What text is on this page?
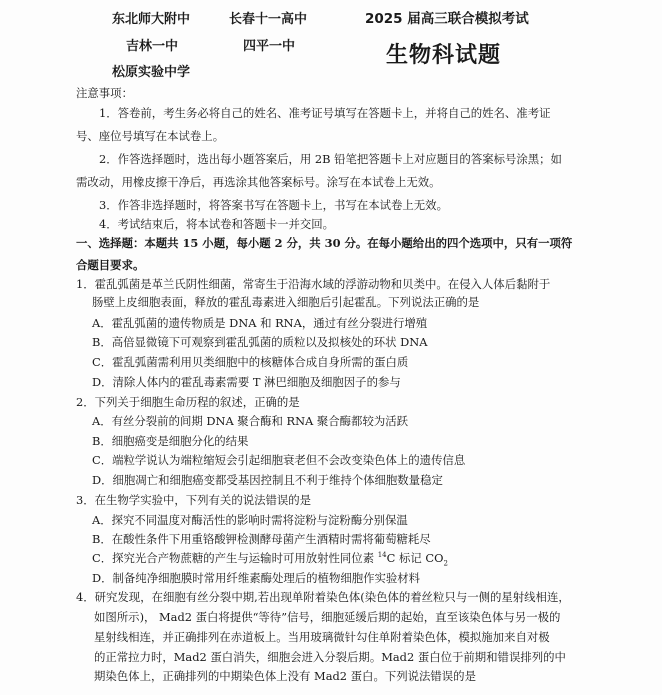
东北师大附中	长春十一高中
吉林一中	四平一中
松原实验中学
2025 届高三联合模拟考试
生物科试题
注意事项：
1．答卷前，考生务必将自己的姓名、准考证号填写在答题卡上，并将自己的姓名、准考证
号、座位号填写在本试卷上。
2．作答选择题时，选出每小题答案后，用 2B 铅笔把答题卡上对应题目的答案标号涂黑；如
需改动，用橡皮擦干净后，再选涂其他答案标号。涂写在本试卷上无效。
3．作答非选择题时，将答案书写在答题卡上，书写在本试卷上无效。
4．考试结束后，将本试卷和答题卡一并交回。
一、选择题：本题共 15 小题，每小题 2 分，共 30 分。在每小题给出的四个选项中，只有一项符
合题目要求。
1．霍乱弧菌是革兰氏阴性细菌，常寄生于沿海水域的浮游动物和贝类中。在侵入人体后黏附于
肠壁上皮细胞表面，释放的霍乱毒素进入细胞后引起霍乱。下列说法正确的是
A．霍乱弧菌的遗传物质是 DNA 和 RNA，通过有丝分裂进行增殖
B．高倍显微镜下可观察到霍乱弧菌的质粒以及拟核处的环状 DNA
C．霍乱弧菌需利用贝类细胞中的核糖体合成自身所需的蛋白质
D．清除人体内的霍乱毒素需要 T 淋巴细胞及细胞因子的参与
2．下列关于细胞生命历程的叙述，正确的是
A．有丝分裂前的间期 DNA 聚合酶和 RNA 聚合酶都较为活跃
B．细胞癌变是细胞分化的结果
C．端粒学说认为端粒缩短会引起细胞衰老但不会改变染色体上的遗传信息
D．细胞凋亡和细胞癌变都受基因控制且不利于维持个体细胞数量稳定
3．在生物学实验中，下列有关的说法错误的是
A．探究不同温度对酶活性的影响时需将淀粉与淀粉酶分别保温
B．在酸性条件下用重铬酸钾检测酵母菌产生酒精时需将葡萄糖耗尽
C．探究光合产物蔗糖的产生与运输时可用放射性同位素 $^{14}$C 标记 $CO_2$
D．制备纯净细胞膜时常用纤维素酶处理后的植物细胞作实验材料
4．研究发现，在细胞有丝分裂中期,若出现单附着染色体(染色体的着丝粒只与一侧的星射线相连，
如图所示)， Mad2 蛋白将提供“等待”信号，细胞延缓后期的起始，直至该染色体与另一极的
星射线相连，并正确排列在赤道板上。当用玻璃微针勾住单附着染色体，模拟施加来自对极
的正常拉力时，Mad2 蛋白消失，细胞会进入分裂后期。Mad2 蛋白位于前期和错误排列的中
期染色体上，正确排列的中期染色体上没有 Mad2 蛋白。下列说法错误的是
